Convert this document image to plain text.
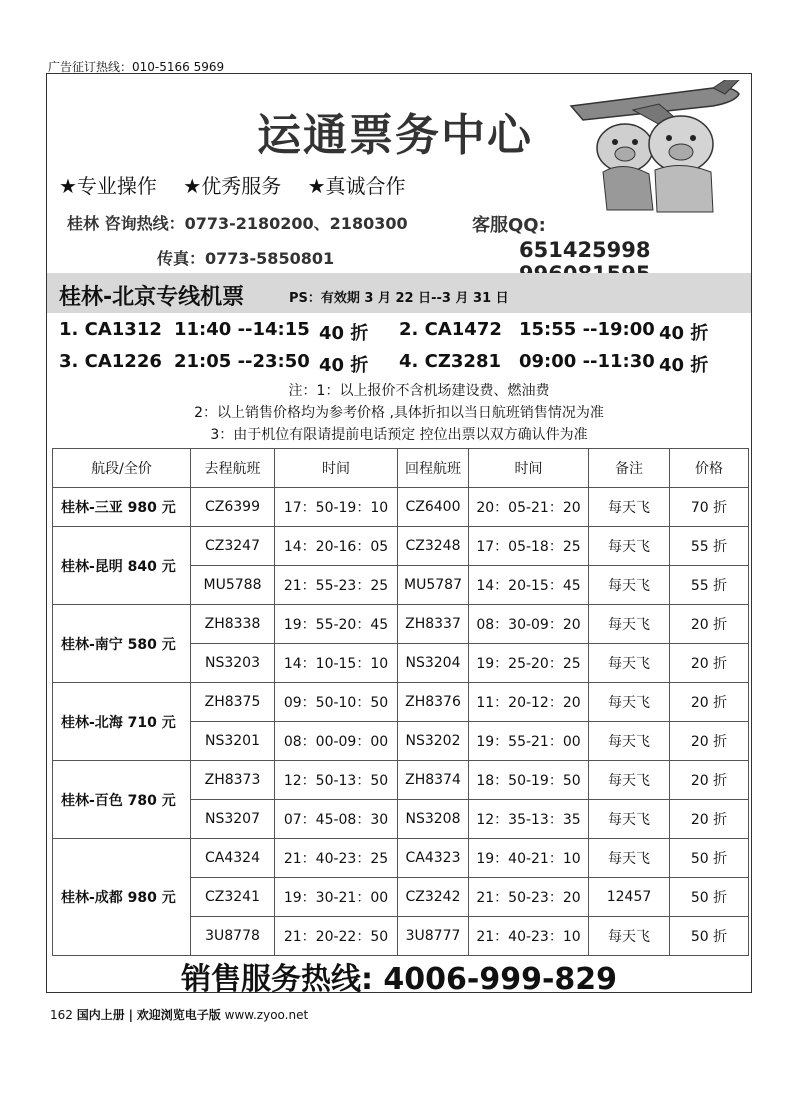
广告征订热线：010-5166 5969
运通票务中心
★专业操作 ★优秀服务 ★真诚合作
桂林 咨询热线：0773-2180200、2180300	客服QQ:
传真：0773-5850801	651425998
桂林-北京专线机票	PS：有效期 3 月 22 日--3 月 31 日
1. CA1312 11:40 --14:15 40 折 2. CA1472 15:55 --19:00 40 折
3. CA1226 21:05 --23:50 40 折 4. CZ3281 09:00 --11:30 40 折
注：1：以上报价不含机场建设费、燃油费
2：以上销售价格均为参考价格 ,具体折扣以当日航班销售情况为准
3：由于机位有限请提前电话预定 控位出票以双方确认件为准
航段/全价	去程航班	时间	回程航班	时间	备注	价格
桂林-三亚 980 元	CZ6399	17：50-19：10	CZ6400	20：05-21：20	每天飞	70 折
桂林-昆明 840 元	CZ3247	14：20-16：05	CZ3248	17：05-18：25	每天飞	55 折
	MU5788	21：55-23：25	MU5787	14：20-15：45	每天飞	55 折
桂林-南宁 580 元	ZH8338	19：55-20：45	ZH8337	08：30-09：20	每天飞	20 折
	NS3203	14：10-15：10	NS3204	19：25-20：25	每天飞	20 折
桂林-北海 710 元	ZH8375	09：50-10：50	ZH8376	11：20-12：20	每天飞	20 折
	NS3201	08：00-09：00	NS3202	19：55-21：00	每天飞	20 折
桂林-百色 780 元	ZH8373	12：50-13：50	ZH8374	18：50-19：50	每天飞	20 折
	NS3207	07：45-08：30	NS3208	12：35-13：35	每天飞	20 折
桂林-成都 980 元	CA4324	21：40-23：25	CA4323	19：40-21：10	每天飞	50 折
	CZ3241	19：30-21：00	CZ3242	21：50-23：20	12457	50 折
	3U8778	21：20-22：50	3U8777	21：40-23：10	每天飞	50 折
销售服务热线: 4006-999-829
162 国内上册 | 欢迎浏览电子版 www.zyoo.net
